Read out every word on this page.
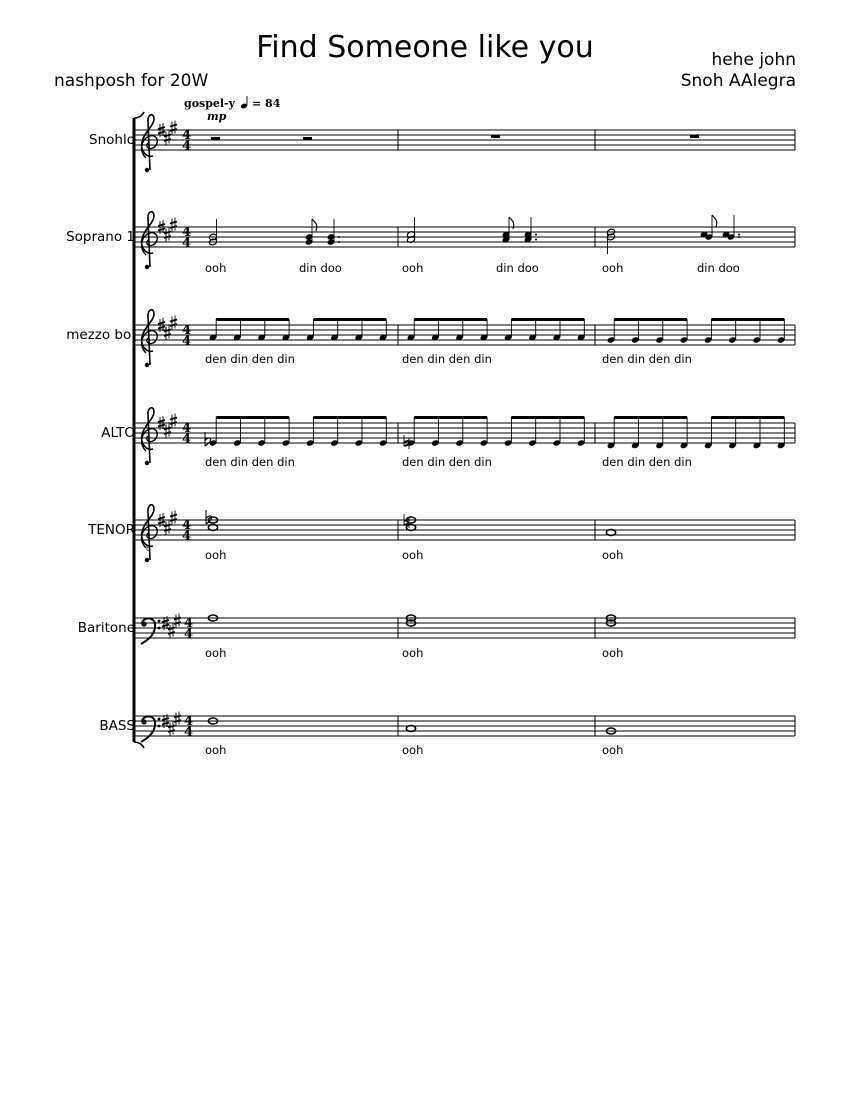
Find Someone like you
nashposh for 20W
hehe john
Snoh AAlegra
Snohlo
Soprano 1
mezzo boi
ALTO
TENOR
Baritone
BASS
ooh	din doo	ooh	din doo	ooh	din doo
den din den din	den din den din	den din den din
den din den din	den din den din	den din den din
ooh	ooh	ooh
ooh	ooh	ooh
ooh	ooh	ooh
4
4
gospel-y = 84
mp
8
